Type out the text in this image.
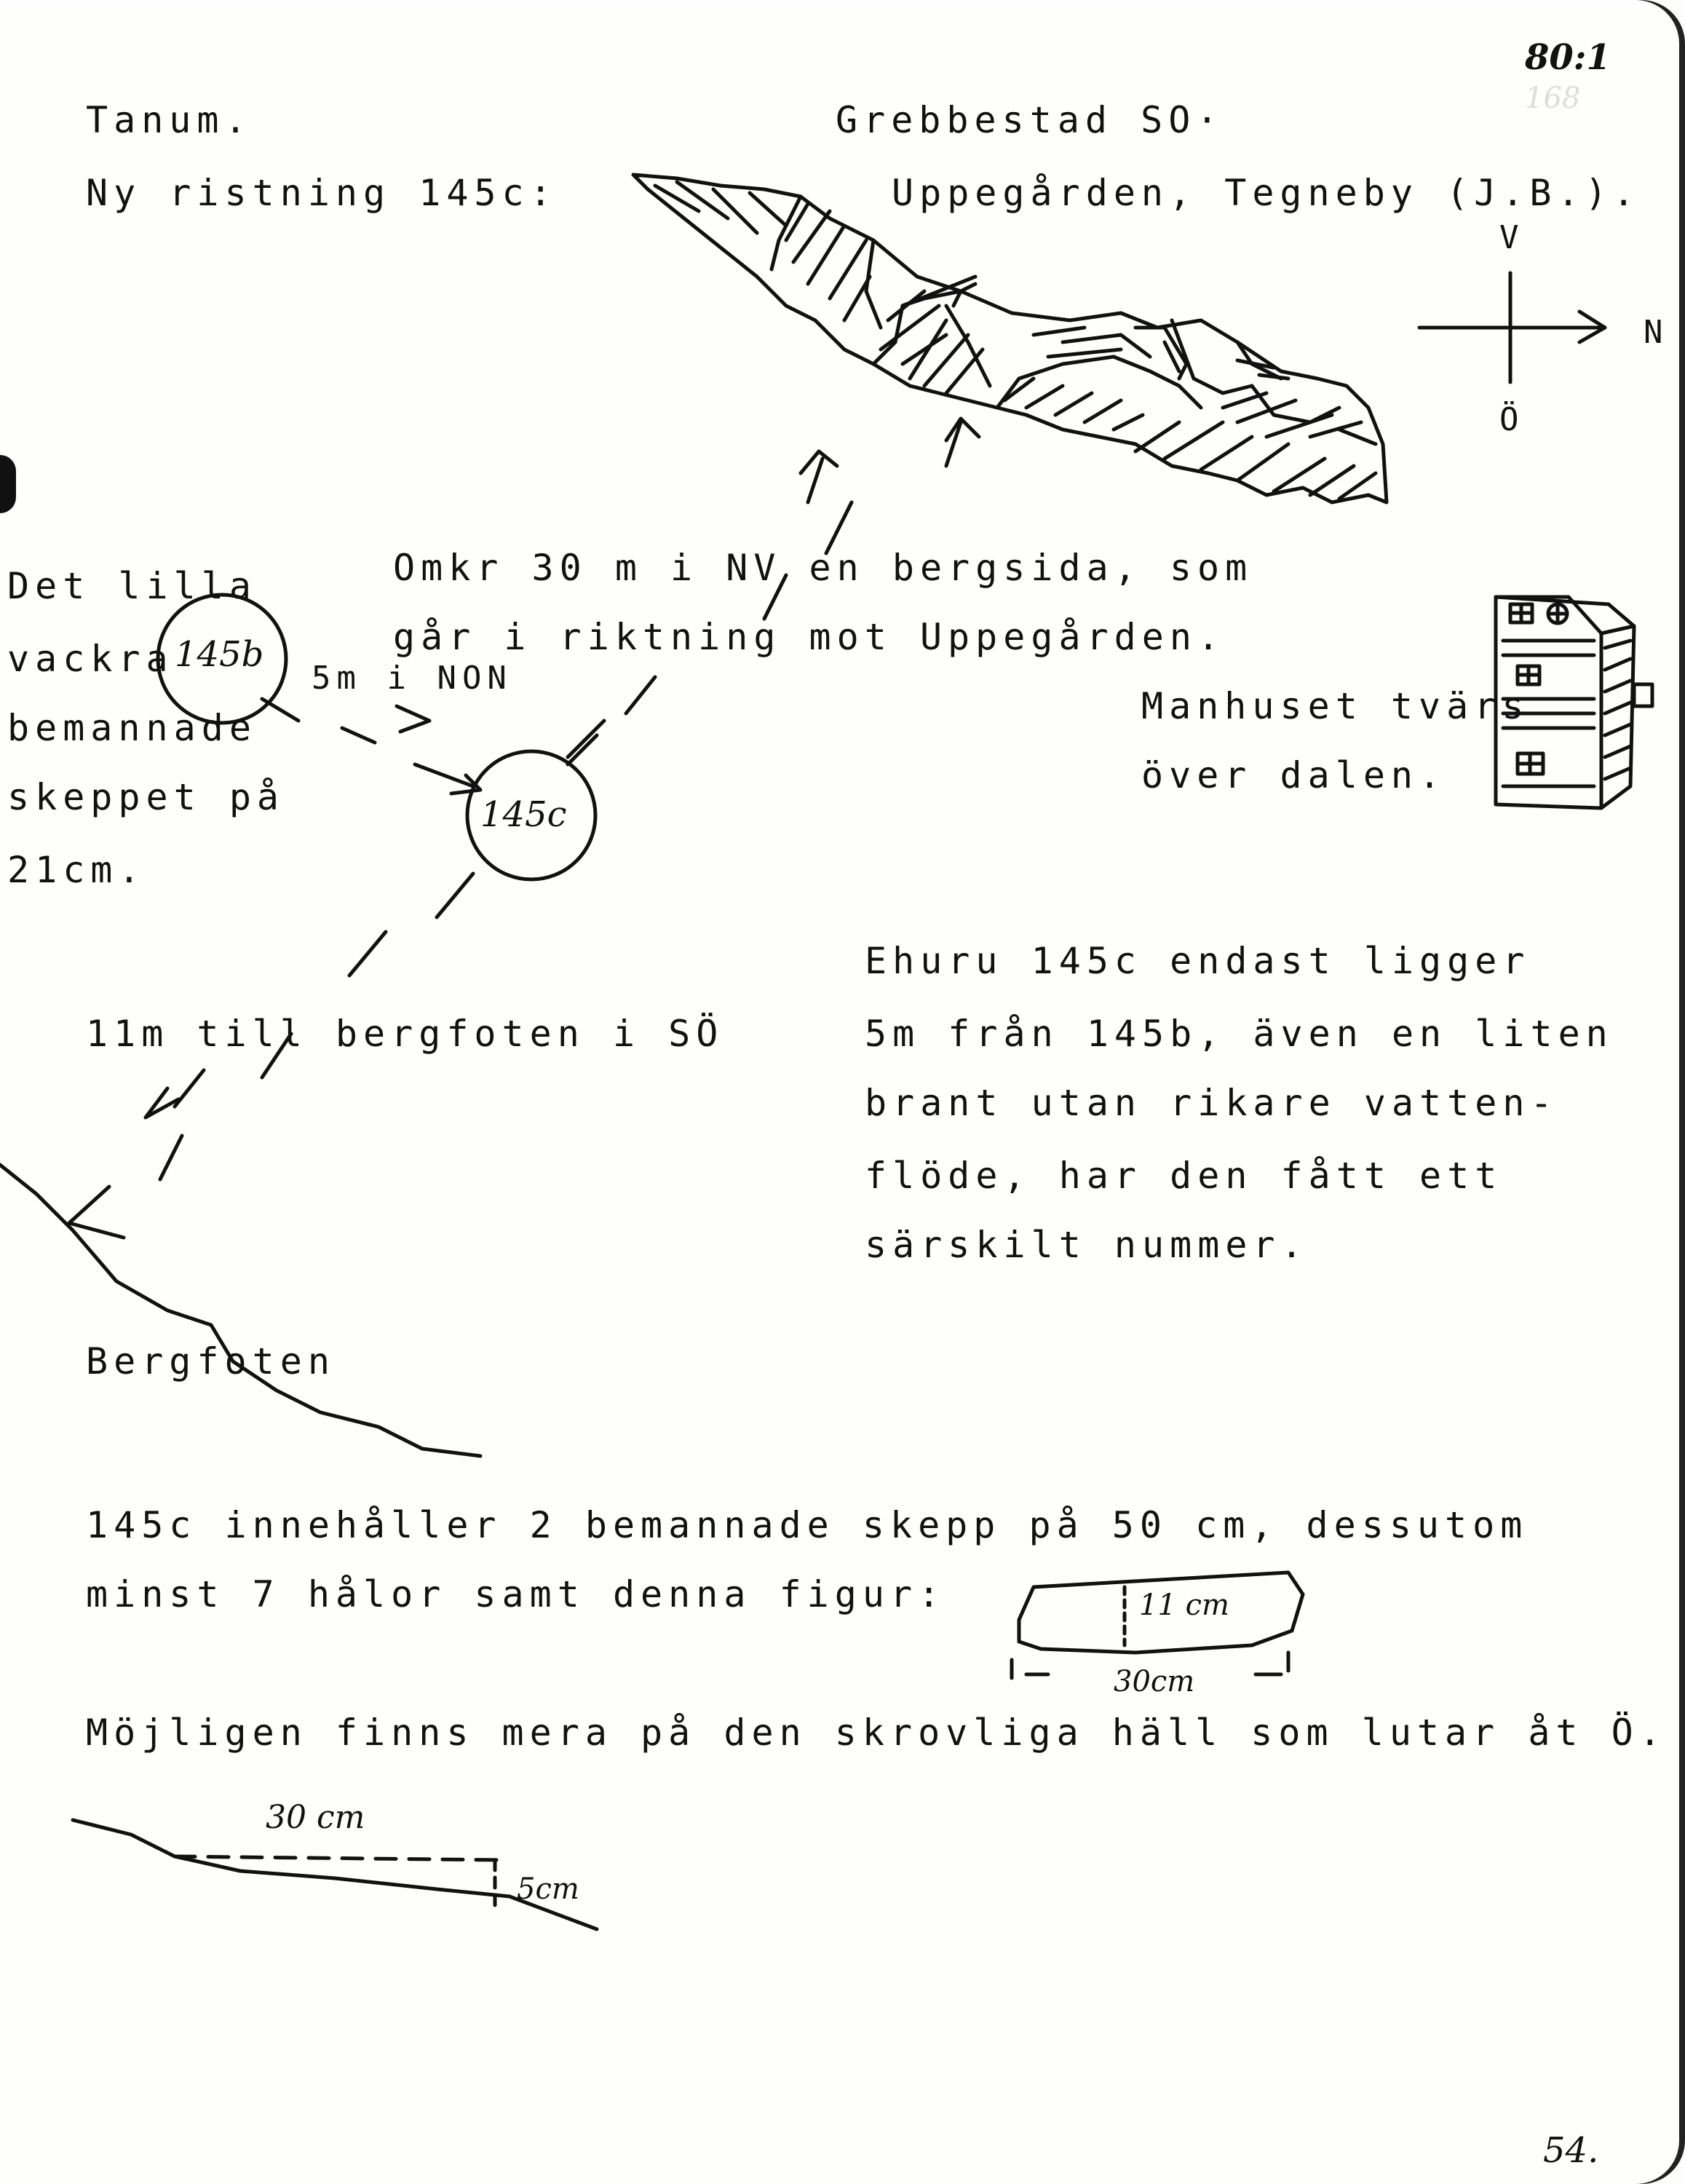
80:1
168
Tanum.	Grebbestad SO·
Ny ristning 145c:	Uppegården, Tegneby (J.B.).
V
N
Ö
Omkr 30 m i NV en bergsida, som
går i riktning mot Uppegården.
Manhuset tvärs
över dalen.
Det lilla
vackra
bemannade
skeppet på
21cm.
145b
145c
5m i NON
11m till bergfoten i SÖ
Bergfoten
Ehuru 145c endast ligger
5m från 145b, även en liten
brant utan rikare vatten-
flöde, har den fått ett
särskilt nummer.
145c innehåller 2 bemannade skepp på 50 cm, dessutom
minst 7 hålor samt denna figur:	11 cm
30cm
Möjligen finns mera på den skrovliga häll som lutar åt Ö.
30 cm
5cm
54.
